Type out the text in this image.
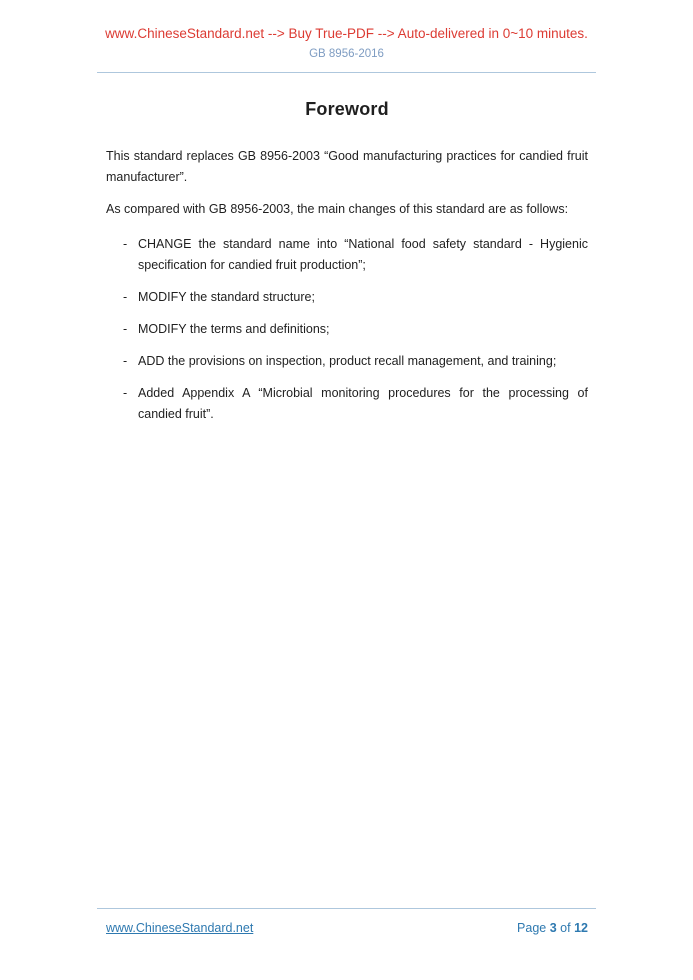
www.ChineseStandard.net --> Buy True-PDF --> Auto-delivered in 0~10 minutes.
GB 8956-2016
Foreword

This standard replaces GB 8956-2003 “Good manufacturing practices for candied fruit manufacturer”.

As compared with GB 8956-2003, the main changes of this standard are as follows:

- CHANGE the standard name into “National food safety standard - Hygienic specification for candied fruit production”;
- MODIFY the standard structure;
- MODIFY the terms and definitions;
- ADD the provisions on inspection, product recall management, and training;
- Added Appendix A “Microbial monitoring procedures for the processing of candied fruit”.
www.ChineseStandard.net	Page 3 of 12
